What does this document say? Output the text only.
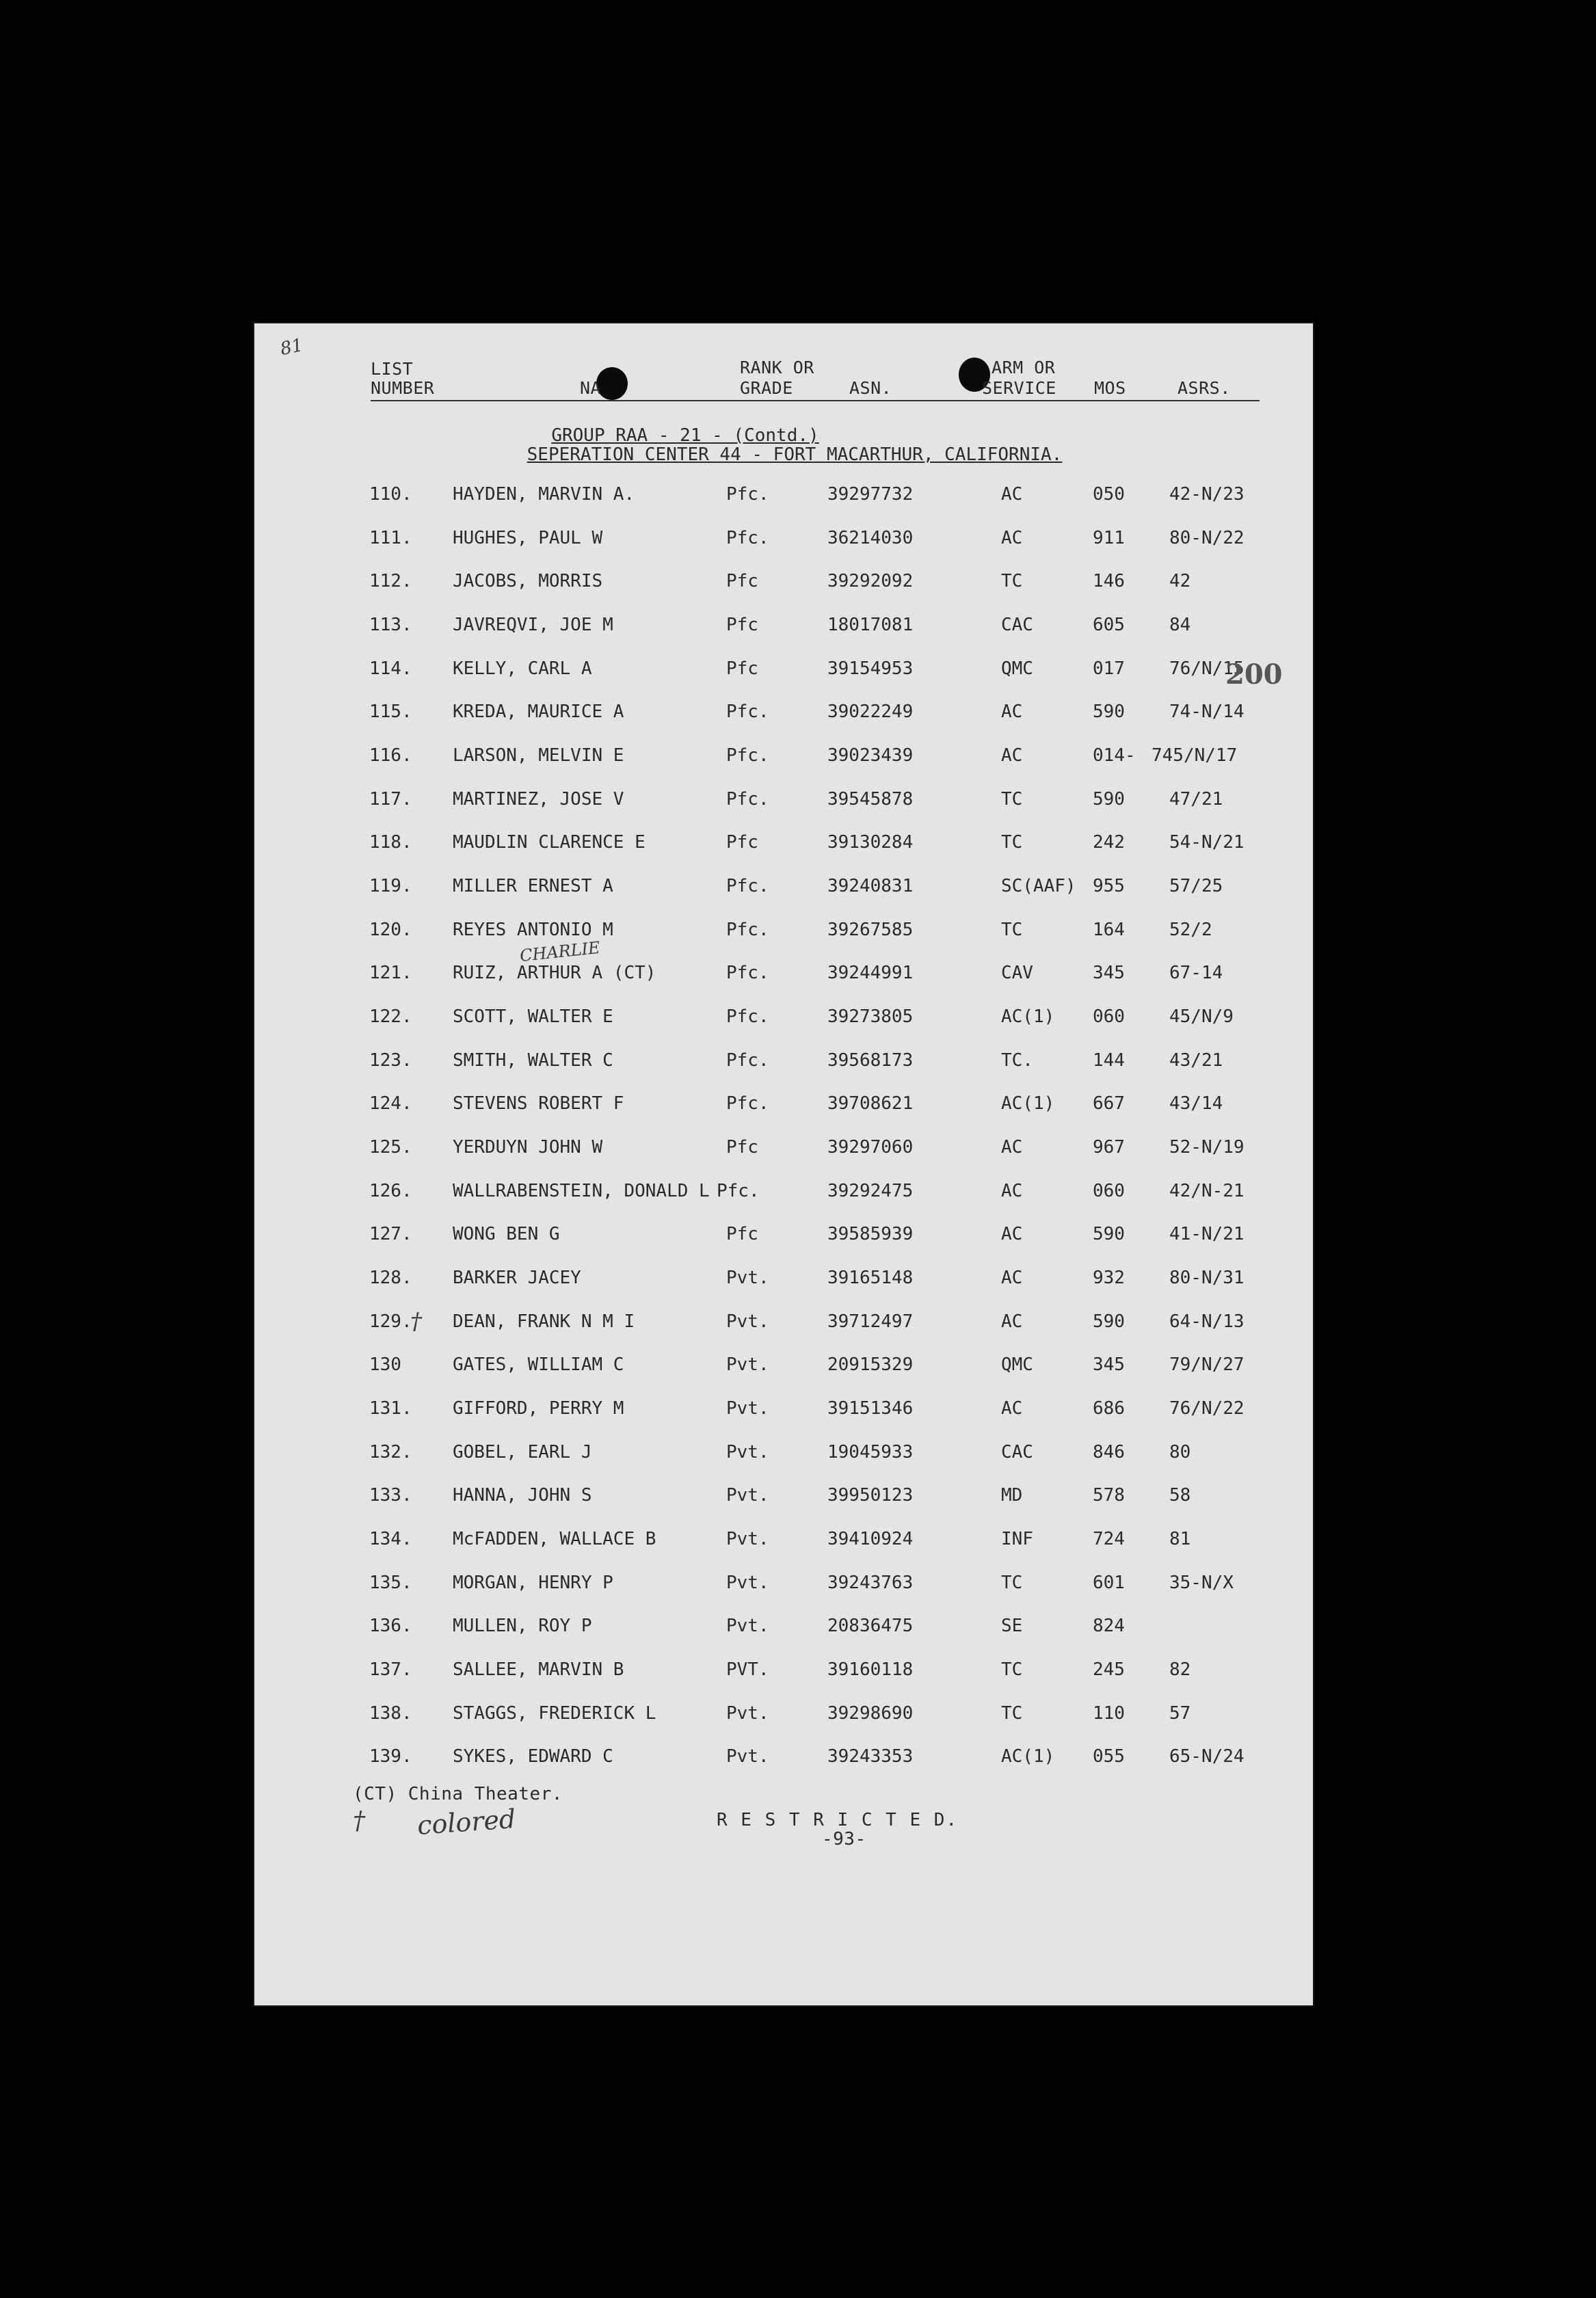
81
LIST
NUMBER	NA
RANK OR
GRADE	ASN.
ARM OR
SERVICE MOS	ASRS.
GROUP RAA - 21 - (Contd.)
SEPERATION CENTER 44 - FORT MACARTHUR, CALIFORNIA.
110. HAYDEN, MARVIN A.	Pfc.	39297732	AC	050	42-N/23
111. HUGHES, PAUL W	Pfc.	36214030	AC	911	80-N/22
112. JACOBS, MORRIS	Pfc	39292092	TC	146	42
113. JAVREQVI, JOE M	Pfc	18017081	CAC	605	84
114. KELLY, CARL A	Pfc	39154953	QMC	017	76/N/15
115. KREDA, MAURICE A	Pfc.	39022249	AC	590	74-N/14
116. LARSON, MELVIN E	Pfc.	39023439	AC	014- 745/N/17
117. MARTINEZ, JOSE V	Pfc.	39545878	TC	590	47/21
118. MAUDLIN CLARENCE E	Pfc	39130284	TC	242	54-N/21
119. MILLER ERNEST A	Pfc.	39240831	SC(AAF) 955	57/25
120. REYES ANTONIO M	Pfc.	39267585	TC	164	52/2
121. RUIZ, ARTHUR A (CT)	Pfc.	39244991	CAV	345	67-14
122. SCOTT, WALTER E	Pfc.	39273805	AC(1) 060	45/N/9
123. SMITH, WALTER C	Pfc.	39568173	TC.	144	43/21
124. STEVENS ROBERT F	Pfc.	39708621	AC(1) 667	43/14
125. YERDUYN JOHN W	Pfc	39297060	AC	967	52-N/19
126. WALLRABENSTEIN, DONALD L Pfc.	39292475	AC	060	42/N-21
127. WONG BEN G	Pfc	39585939	AC	590	41-N/21
128. BARKER JACEY	Pvt.	39165148	AC	932	80-N/31
129. DEAN, FRANK N M I	Pvt.	39712497	AC	590	64-N/13
130	GATES, WILLIAM C	Pvt.	20915329	QMC	345	79/N/27
131. GIFFORD, PERRY M	Pvt.	39151346	AC	686	76/N/22
132. GOBEL, EARL J	Pvt.	19045933	CAC	846	80
133. HANNA, JOHN S	Pvt.	39950123	MD	578	58
134. McFADDEN, WALLACE B	Pvt.	39410924	INF	724	81
135. MORGAN, HENRY P	Pvt.	39243763	TC	601	35-N/X
136. MULLEN, ROY P	Pvt.	20836475	SE	824
137. SALLEE, MARVIN B	PVT.	39160118	TC	245	82
138. STAGGS, FREDERICK L	Pvt.	39298690	TC	110	57
139. SYKES, EDWARD C	Pvt.	39243353	AC(1) 055	65-N/24
CHARLIE
200
†
† colored
(CT) China Theater.
R E S T R I C T E D.
-93-
